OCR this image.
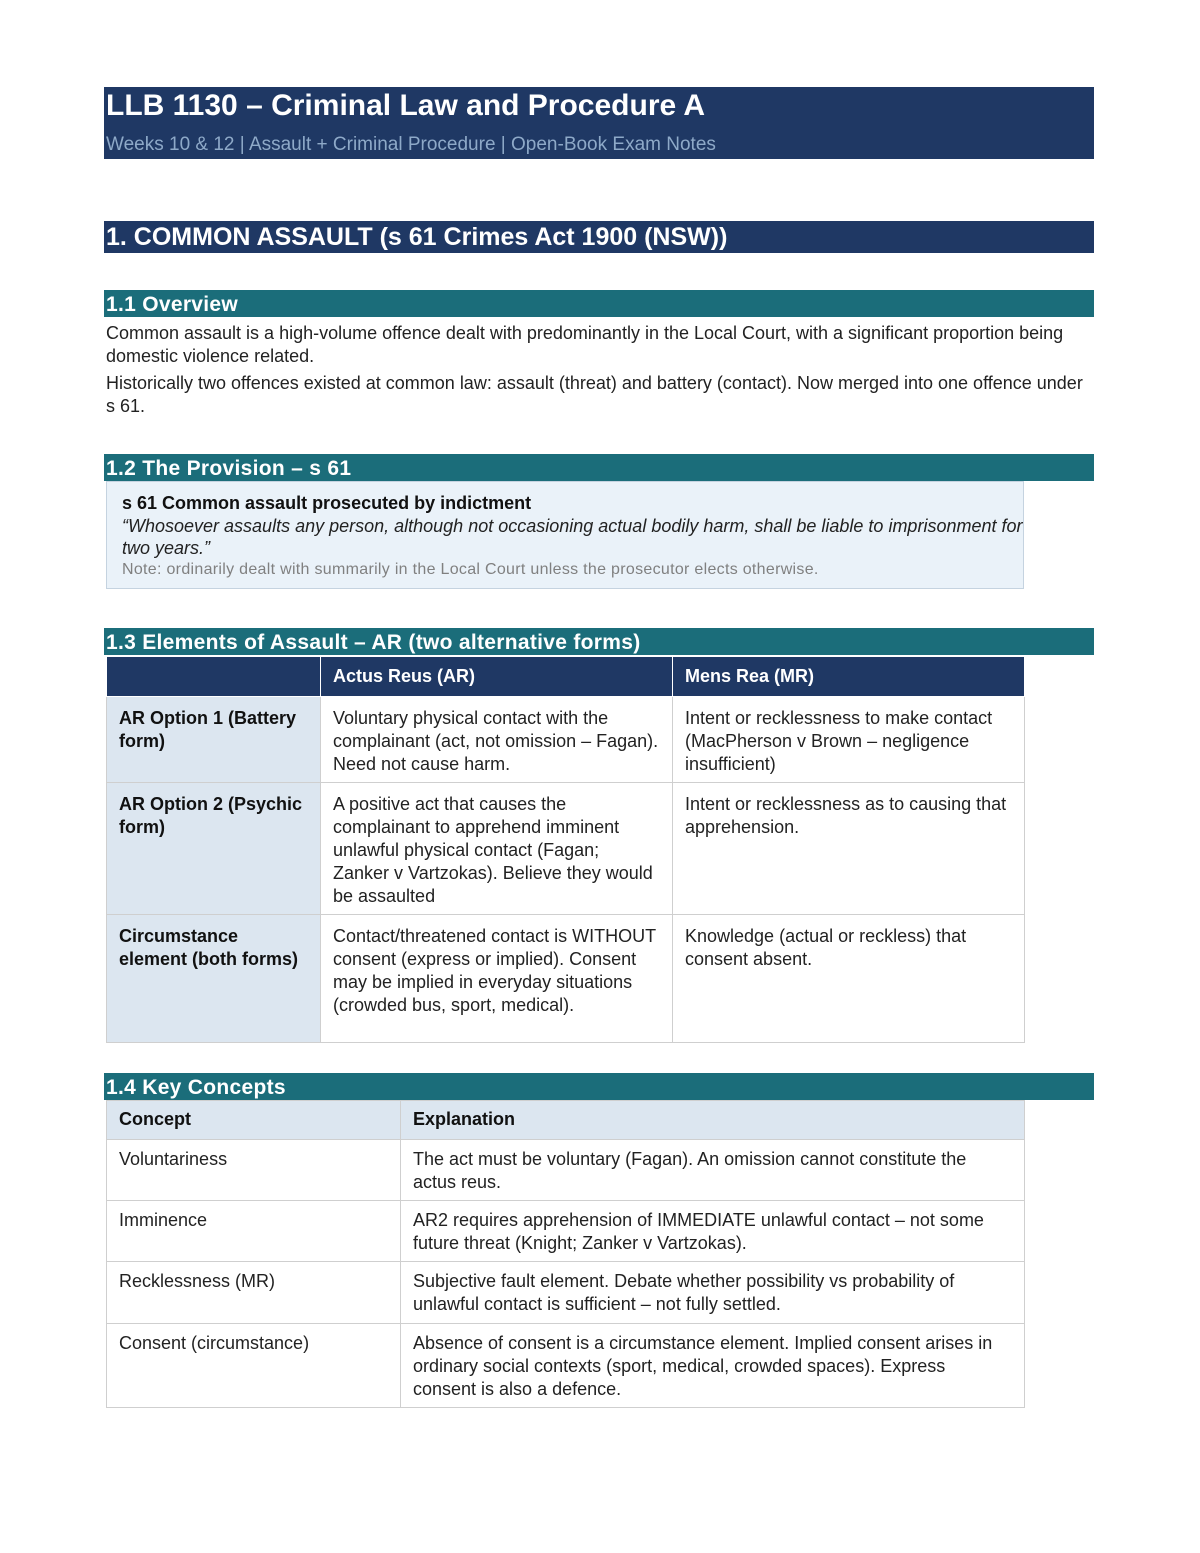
LLB 1130 – Criminal Law and Procedure A
Weeks 10 & 12 | Assault + Criminal Procedure | Open-Book Exam Notes
1. COMMON ASSAULT (s 61 Crimes Act 1900 (NSW))
1.1 Overview
Common assault is a high-volume offence dealt with predominantly in the Local Court, with a significant proportion being domestic violence related.
Historically two offences existed at common law: assault (threat) and battery (contact). Now merged into one offence under s 61.
1.2 The Provision – s 61
s 61 Common assault prosecuted by indictment
“Whosoever assaults any person, although not occasioning actual bodily harm, shall be liable to imprisonment for two years.”
Note: ordinarily dealt with summarily in the Local Court unless the prosecutor elects otherwise.
1.3 Elements of Assault – AR (two alternative forms)
	Actus Reus (AR)	Mens Rea (MR)
AR Option 1 (Battery form)	Voluntary physical contact with the complainant (act, not omission – Fagan). Need not cause harm.	Intent or recklessness to make contact (MacPherson v Brown – negligence insufficient)
AR Option 2 (Psychic form)	A positive act that causes the complainant to apprehend imminent unlawful physical contact (Fagan; Zanker v Vartzokas). Believe they would be assaulted	Intent or recklessness as to causing that apprehension.
Circumstance element (both forms)	Contact/threatened contact is WITHOUT consent (express or implied). Consent may be implied in everyday situations (crowded bus, sport, medical).	Knowledge (actual or reckless) that consent absent.
1.4 Key Concepts
Concept	Explanation
Voluntariness	The act must be voluntary (Fagan). An omission cannot constitute the actus reus.
Imminence	AR2 requires apprehension of IMMEDIATE unlawful contact – not some future threat (Knight; Zanker v Vartzokas).
Recklessness (MR)	Subjective fault element. Debate whether possibility vs probability of unlawful contact is sufficient – not fully settled.
Consent (circumstance)	Absence of consent is a circumstance element. Implied consent arises in ordinary social contexts (sport, medical, crowded spaces). Express consent is also a defence.
